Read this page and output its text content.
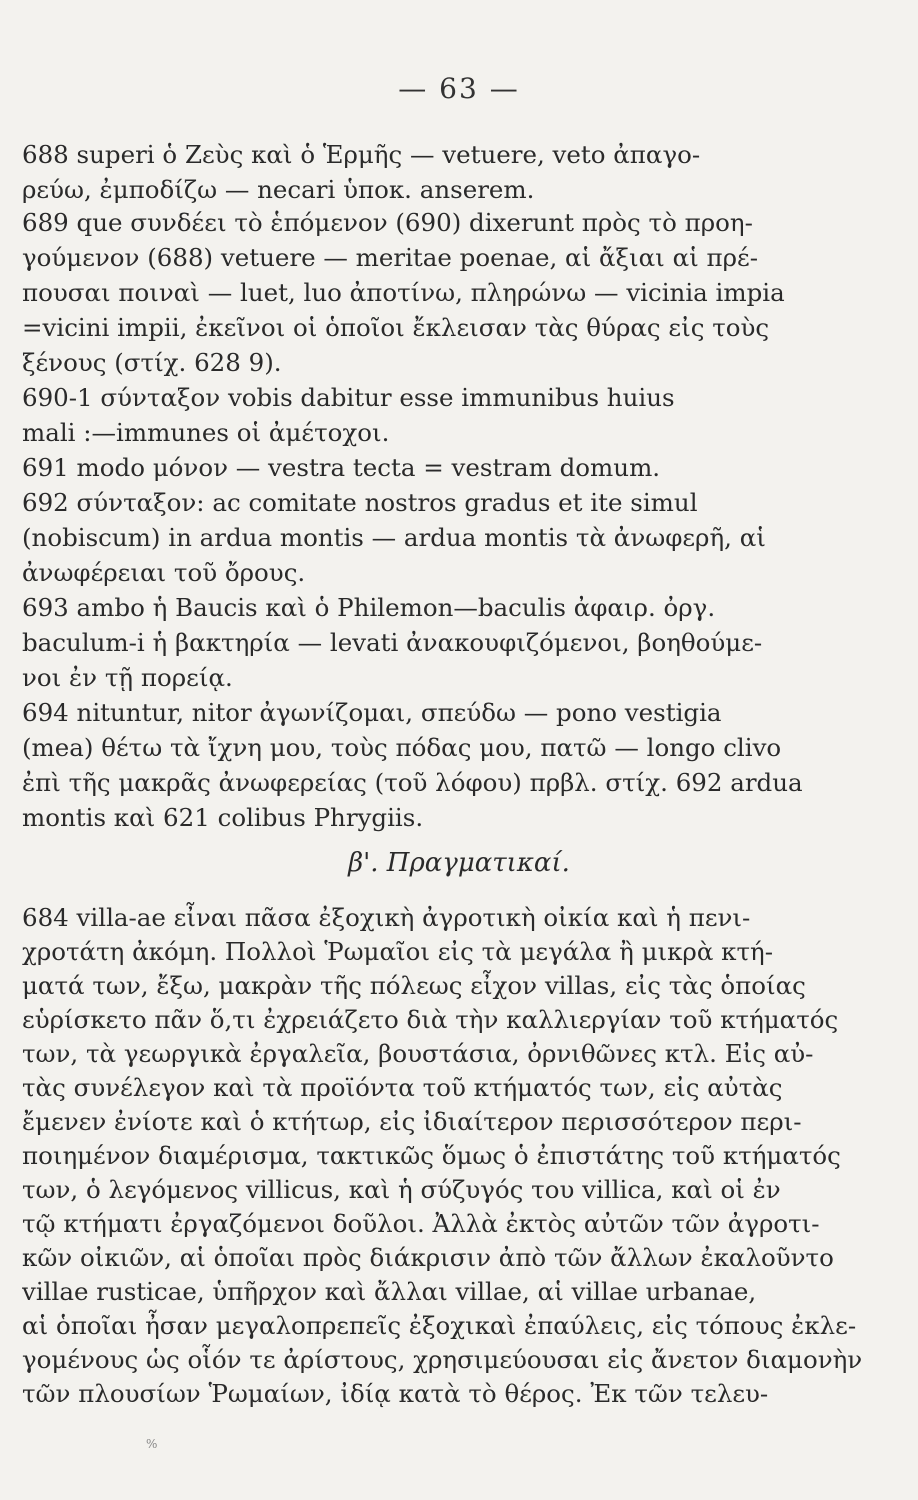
— 63 —
688 superi ὁ Ζεὺς καὶ ὁ Ἑρμῆς — vetuere, veto ἀπαγο-
ρεύω, ἐμποδίζω — necari ὑποκ. anserem.
689 que συνδέει τὸ ἑπόμενον (690) dixerunt πρὸς τὸ προη-
γούμενον (688) vetuere — meritae poenae, αἱ ἄξιαι αἱ πρέ-
πουσαι ποιναὶ — luet, luo ἀποτίνω, πληρώνω — vicinia impia
=vicini impii, ἐκεῖνοι οἱ ὁποῖοι ἔκλεισαν τὰς θύρας εἰς τοὺς
ξένους (στίχ. 628 9).
690-1 σύνταξον vobis dabitur esse immunibus huius
mali :—immunes οἱ ἀμέτοχοι.
691 modo μόνον — vestra tecta = vestram domum.
692 σύνταξον: ac comitate nostros gradus et ite simul
(nobiscum) in ardua montis — ardua montis τὰ ἀνωφερῆ, αἱ
ἀνωφέρειαι τοῦ ὄρους.
693 ambo ἡ Baucis καὶ ὁ Philemon—baculis ἀφαιρ. ὀργ.
baculum-i ἡ βακτηρία — levati ἀνακουφιζόμενοι, βοηθούμε-
νοι ἐν τῇ πορείᾳ.
694 nituntur, nitor ἀγωνίζομαι, σπεύδω — pono vestigia
(mea) θέτω τὰ ἴχνη μου, τοὺς πόδας μου, πατῶ — longo clivo
ἐπὶ τῆς μακρᾶς ἀνωφερείας (τοῦ λόφου) πρβλ. στίχ. 692 ardua
montis καὶ 621 colibus Phrygiis.
β'. Πραγματικαί.
684 villa-ae εἶναι πᾶσα ἐξοχικὴ ἀγροτικὴ οἰκία καὶ ἡ πενι-
χροτάτη ἀκόμη. Πολλοὶ Ῥωμαῖοι εἰς τὰ μεγάλα ἢ μικρὰ κτή-
ματά των, ἔξω, μακρὰν τῆς πόλεως εἶχον villas, εἰς τὰς ὁποίας
εὑρίσκετο πᾶν ὅ,τι ἐχρειάζετο διὰ τὴν καλλιεργίαν τοῦ κτήματός
των, τὰ γεωργικὰ ἐργαλεῖα, βουστάσια, ὀρνιθῶνες κτλ. Εἰς αὐ-
τὰς συνέλεγον καὶ τὰ προϊόντα τοῦ κτήματός των, εἰς αὐτὰς
ἔμενεν ἐνίοτε καὶ ὁ κτήτωρ, εἰς ἰδιαίτερον περισσότερον περι-
ποιημένον διαμέρισμα, τακτικῶς ὅμως ὁ ἐπιστάτης τοῦ κτήματός
των, ὁ λεγόμενος villicus, καὶ ἡ σύζυγός του villica, καὶ οἱ ἐν
τῷ κτήματι ἐργαζόμενοι δοῦλοι. Ἀλλὰ ἐκτὸς αὐτῶν τῶν ἀγροτι-
κῶν οἰκιῶν, αἱ ὁποῖαι πρὸς διάκρισιν ἀπὸ τῶν ἄλλων ἐκαλοῦντο
villae rusticae, ὑπῆρχον καὶ ἄλλαι villae, αἱ villae urbanae,
αἱ ὁποῖαι ἦσαν μεγαλοπρεπεῖς ἐξοχικαὶ ἐπαύλεις, εἰς τόπους ἐκλε-
γομένους ὡς οἷόν τε ἀρίστους, χρησιμεύουσαι εἰς ἄνετον διαμονὴν
τῶν πλουσίων Ῥωμαίων, ἰδίᾳ κατὰ τὸ θέρος. Ἐκ τῶν τελευ-
%
